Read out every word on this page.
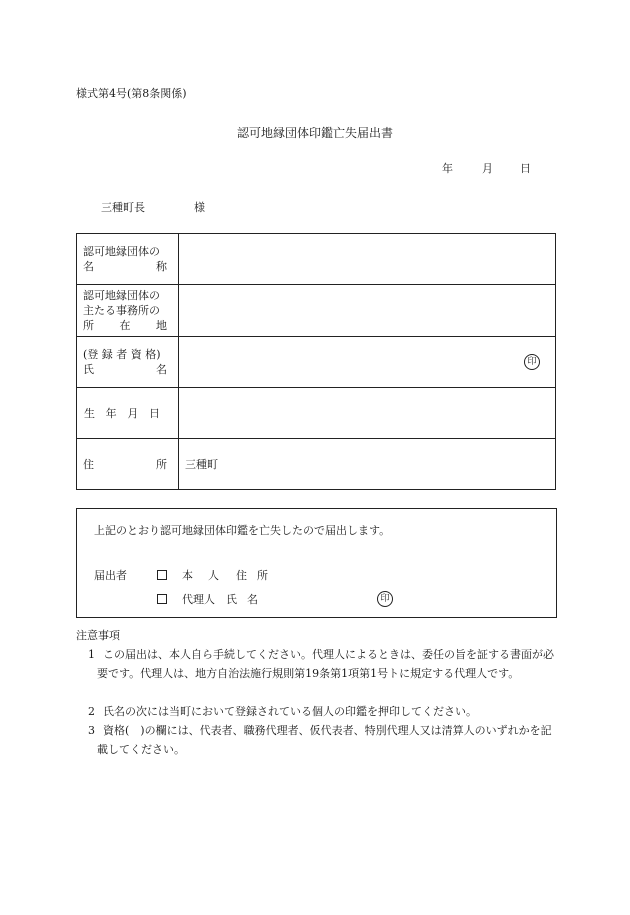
様式第4号(第8条関係)
認可地縁団体印鑑亡失届出書
年	月 日
三種町長	様
認可地縁団体の
名 称	

認可地縁団体の
主たる事務所の
所 在 地	

(登 録 者 資 格)
氏 名	印

生 年 月 日	

住 所	三種町
上記のとおり認可地縁団体印鑑を亡失したので届出します。
届出者	本 人 住 所
代理人 氏 名	印
注意事項
1 この届出は、本人自ら手続してください。代理人によるときは、委任の旨を証する書面が必要です。代理人は、地方自治法施行規則第19条第1項第1号トに規定する代理人です。
2 氏名の次には当町において登録されている個人の印鑑を押印してください。
3 資格(　)の欄には、代表者、職務代理者、仮代表者、特別代理人又は清算人のいずれかを記載してください。
